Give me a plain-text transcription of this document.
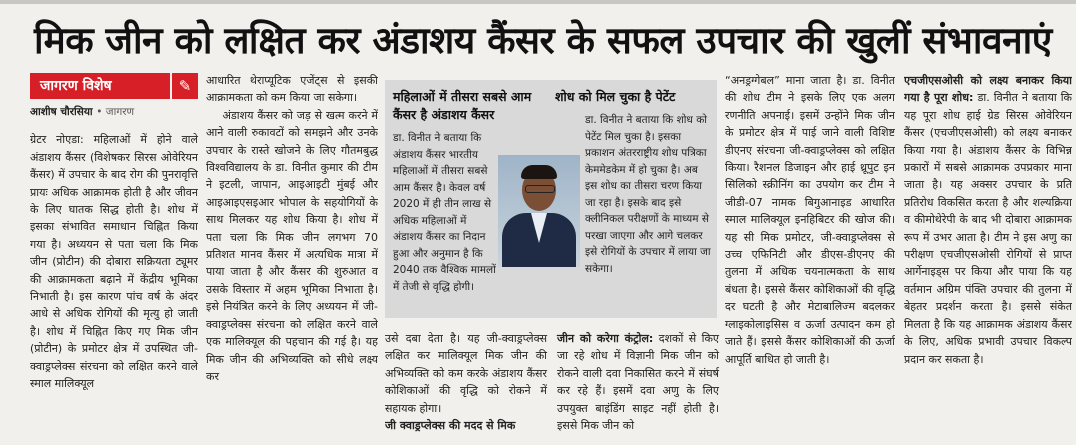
मिक जीन को लक्षित कर अंडाशय कैंसर के सफल उपचार की खुलीं संभावनाएं
जागरण विशेष	✎
आशीष चौरसिया • जागरण

ग्रेटर नोएडा: महिलाओं में होने वाले अंडाशय कैंसर (विशेषकर सिरस ओवेरियन कैंसर) में उपचार के बाद रोग की पुनरावृत्ति प्रायः अधिक आक्रामक होती है और जीवन के लिए घातक सिद्ध होती है। शोध में इसका संभावित समाधान चिह्नित किया गया है। अध्ययन से पता चला कि मिक जीन (प्रोटीन) की दोबारा सक्रियता ट्यूमर की आक्रामकता बढ़ाने में केंद्रीय भूमिका निभाती है। इस कारण पांच वर्ष के अंदर आधे से अधिक रोगियों की मृत्यु हो जाती है। शोध में चिह्नित किए गए मिक जीन (प्रोटीन) के प्रमोटर क्षेत्र में उपस्थित जी-क्वाड्रप्लेक्स संरचना को लक्षित करने वाले स्माल मालिक्यूल

आधारित थेराप्यूटिक एजेंट्स से इसकी आक्रामकता को कम किया जा सकेगा।

अंडाशय कैंसर को जड़ से खत्म करने में आने वाली रुकावटों को समझने और उनके उपचार के रास्ते खोजने के लिए गौतमबुद्ध विश्वविद्यालय के डा. विनीत कुमार की टीम ने इटली, जापान, आइआइटी मुंबई और आइआइएसइआर भोपाल के सहयोगियों के साथ मिलकर यह शोध किया है। शोध में पता चला कि मिक जीन लगभग 70 प्रतिशत मानव कैंसर में अत्यधिक मात्रा में पाया जाता है और कैंसर की शुरुआत व उसके विस्तार में अहम भूमिका निभाता है। इसे नियंत्रित करने के लिए अध्ययन में जी-क्वाड्रप्लेक्स संरचना को लक्षित करने वाले एक मालिक्यूल की पहचान की गई है। यह मिक जीन की अभिव्यक्ति को सीधे लक्ष्य कर

महिलाओं में तीसरा सबसे आम कैंसर है अंडाशय कैंसर
डा. विनीत ने बताया कि अंडाशय कैंसर भारतीय महिलाओं में तीसरा सबसे आम कैंसर है। केवल वर्ष 2020 में ही तीन लाख से अधिक महिलाओं में अंडाशय कैंसर का निदान हुआ और अनुमान है कि 2040 तक वैश्विक मामलों में तेजी से वृद्धि होगी।
शोध को मिल चुका है पेटेंट
डा. विनीत ने बताया कि शोध को पेटेंट मिल चुका है। इसका प्रकाशन अंतरराष्ट्रीय शोध पत्रिका केममेडकेम में हो चुका है। अब इस शोध का तीसरा चरण किया जा रहा है। इसके बाद इसे क्लीनिकल परीक्षणों के माध्यम से परखा जाएगा और आगे चलकर इसे रोगियों के उपचार में लाया जा सकेगा।

उसे दबा देता है। यह जी-क्वाड्रप्लेक्स लक्षित कर मालिक्यूल मिक जीन की अभिव्यक्ति को कम करके अंडाशय कैंसर कोशिकाओं की वृद्धि को रोकने में सहायक होगा।

जी क्वाड्रप्लेक्स की मदद से मिक

जीन को करेगा कंट्रोल: दशकों से किए जा रहे शोध में विज्ञानी मिक जीन को रोकने वाली दवा निकासित करने में संघर्ष कर रहे हैं। इसमें दवा अणु के लिए उपयुक्त बाइंडिंग साइट नहीं होती है। इससे मिक जीन को

“अनड्रग्गेबल” माना जाता है। डा. विनीत की शोध टीम ने इसके लिए एक अलग रणनीति अपनाई। इसमें उन्होंने मिक जीन के प्रमोटर क्षेत्र में पाई जाने वाली विशिष्ट डीएनए संरचना जी-क्वाड्रप्लेक्स को लक्षित किया। रैशनल डिजाइन और हाई थ्रूपुट इन सिलिको स्क्रीनिंग का उपयोग कर टीम ने जीडी-07 नामक बिगुआनाइड आधारित स्माल मालिक्यूल इनहिबिटर की खोज की। यह सी मिक प्रमोटर, जी-क्वाड्रप्लेक्स से उच्च एफिनिटी और डीएस-डीएनए की तुलना में अधिक चयनात्मकता के साथ बंधता है। इससे कैंसर कोशिकाओं की वृद्धि दर घटती है और मेटाबालिज्म बदलकर ग्लाइकोलाइसिस व ऊर्जा उत्पादन कम हो जाते हैं। इससे कैंसर कोशिकाओं की ऊर्जा आपूर्ति बाधित हो जाती है।

एचजीएसओसी को लक्ष्य बनाकर किया गया है पूरा शोध: डा. विनीत ने बताया कि यह पूरा शोध हाई ग्रेड सिरस ओवेरियन कैंसर (एचजीएसओसी) को लक्ष्य बनाकर किया गया है। अंडाशय कैंसर के विभिन्न प्रकारों में सबसे आक्रामक उपप्रकार माना जाता है। यह अक्सर उपचार के प्रति प्रतिरोध विकसित करता है और शल्यक्रिया व कीमोथेरेपी के बाद भी दोबारा आक्रामक रूप में उभर आता है। टीम ने इस अणु का परीक्षण एचजीएसओसी रोगियों से प्राप्त आर्गेनाइड्स पर किया और पाया कि यह वर्तमान अग्रिम पंक्ति उपचार की तुलना में बेहतर प्रदर्शन करता है। इससे संकेत मिलता है कि यह आक्रामक अंडाशय कैंसर के लिए, अधिक प्रभावी उपचार विकल्प प्रदान कर सकता है।
